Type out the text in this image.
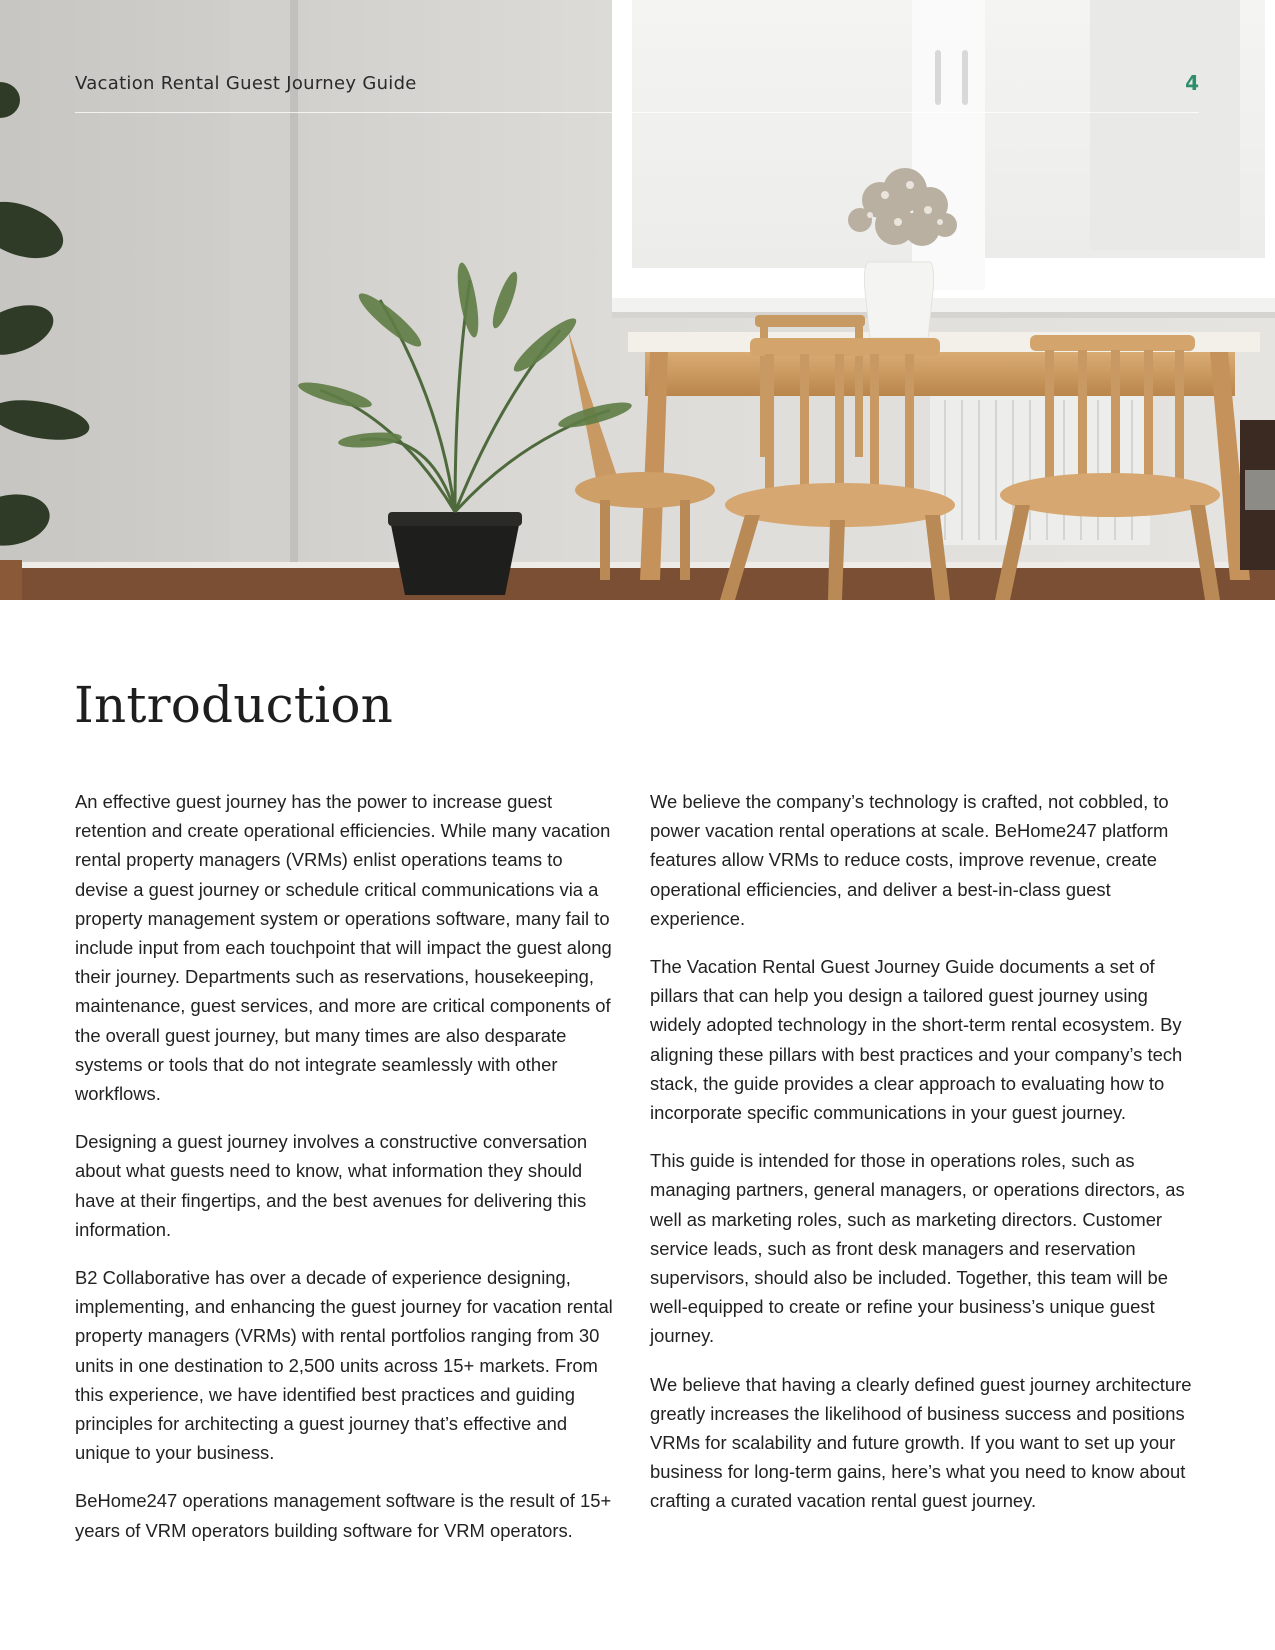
Vacation Rental Guest Journey Guide	4
Introduction

An effective guest journey has the power to increase guest retention and create operational efficiencies. While many vacation rental property managers (VRMs) enlist operations teams to devise a guest journey or schedule critical communications via a property management system or operations software, many fail to include input from each touchpoint that will impact the guest along their journey. Departments such as reservations, housekeeping, maintenance, guest services, and more are critical components of the overall guest journey, but many times are also desparate systems or tools that do not integrate seamlessly with other workflows.

Designing a guest journey involves a constructive conversation about what guests need to know, what information they should have at their fingertips, and the best avenues for delivering this information.

B2 Collaborative has over a decade of experience designing, implementing, and enhancing the guest journey for vacation rental property managers (VRMs) with rental portfolios ranging from 30 units in one destination to 2,500 units across 15+ markets. From this experience, we have identified best practices and guiding principles for architecting a guest journey that’s effective and unique to your business.

BeHome247 operations management software is the result of 15+ years of VRM operators building software for VRM operators.

We believe the company’s technology is crafted, not cobbled, to power vacation rental operations at scale. BeHome247 platform features allow VRMs to reduce costs, improve revenue, create operational efficiencies, and deliver a best-in-class guest experience.

The Vacation Rental Guest Journey Guide documents a set of pillars that can help you design a tailored guest journey using widely adopted technology in the short-term rental ecosystem. By aligning these pillars with best practices and your company’s tech stack, the guide provides a clear approach to evaluating how to incorporate specific communications in your guest journey.

This guide is intended for those in operations roles, such as managing partners, general managers, or operations directors, as well as marketing roles, such as marketing directors. Customer service leads, such as front desk managers and reservation supervisors, should also be included. Together, this team will be well-equipped to create or refine your business’s unique guest journey.

We believe that having a clearly defined guest journey architecture greatly increases the likelihood of business success and positions VRMs for scalability and future growth. If you want to set up your business for long-term gains, here’s what you need to know about crafting a curated vacation rental guest journey.
